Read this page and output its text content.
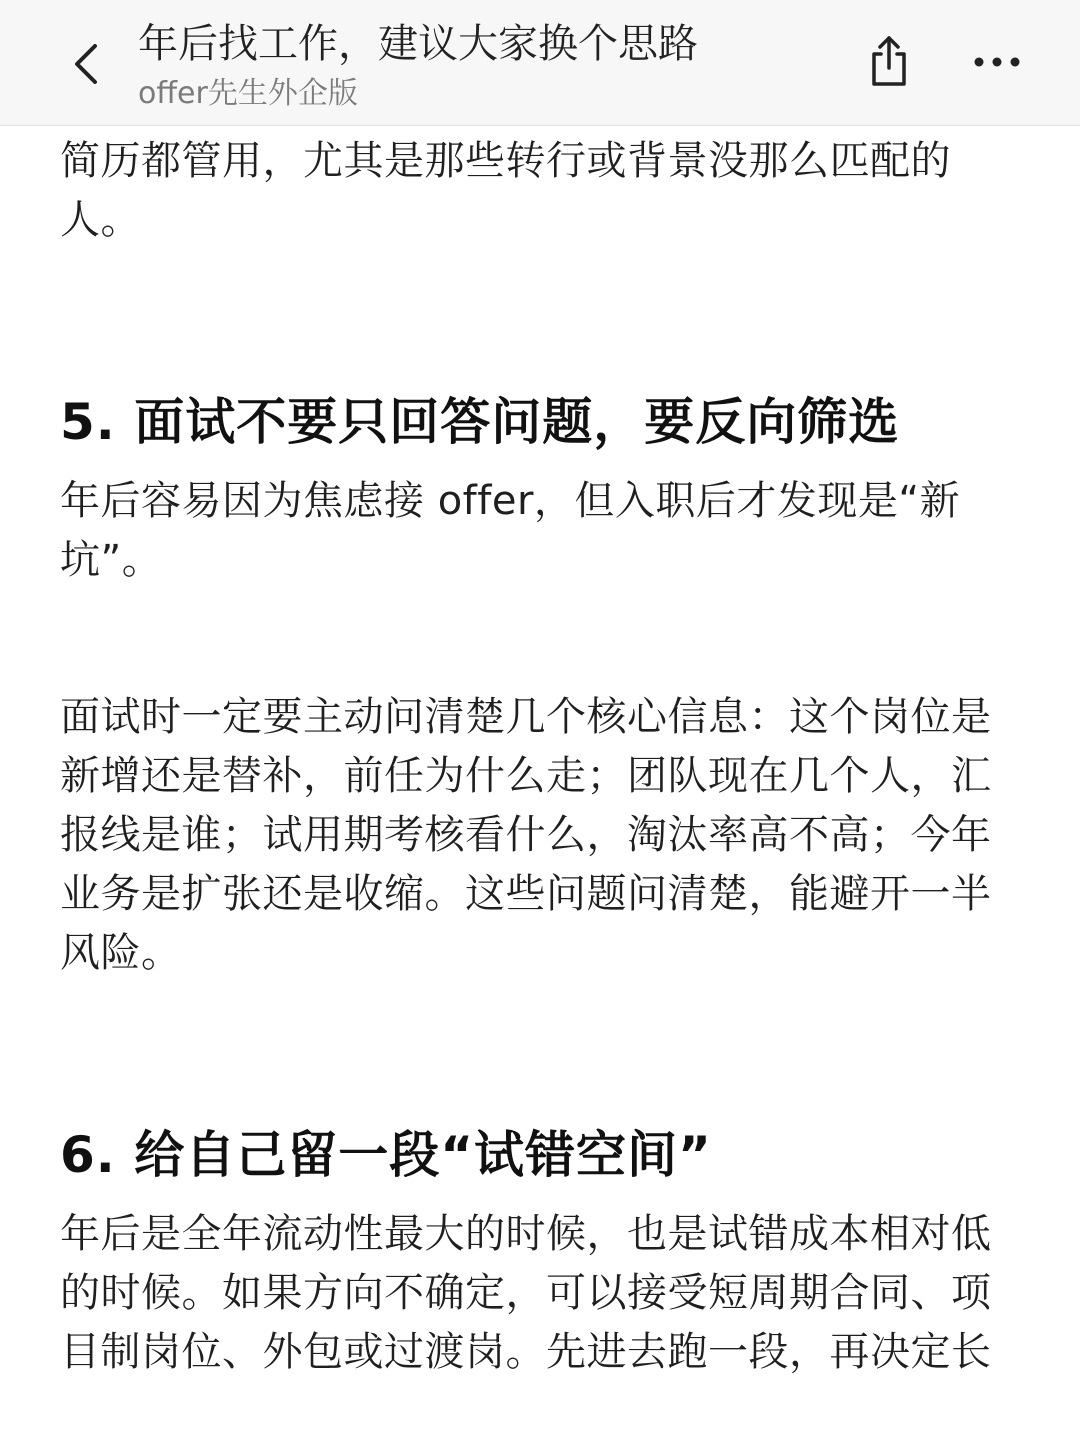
年后找工作，建议大家换个思路
offer先生外企版

简历都管用，尤其是那些转行或背景没那么匹配的人。

5. 面试不要只回答问题，要反向筛选

年后容易因为焦虑接 offer，但入职后才发现是“新坑”。

面试时一定要主动问清楚几个核心信息：这个岗位是新增还是替补，前任为什么走；团队现在几个人，汇报线是谁；试用期考核看什么，淘汰率高不高；今年业务是扩张还是收缩。这些问题问清楚，能避开一半风险。

6. 给自己留一段“试错空间”

年后是全年流动性最大的时候，也是试错成本相对低的时候。如果方向不确定，可以接受短周期合同、项目制岗位、外包或过渡岗。先进去跑一段，再决定长
